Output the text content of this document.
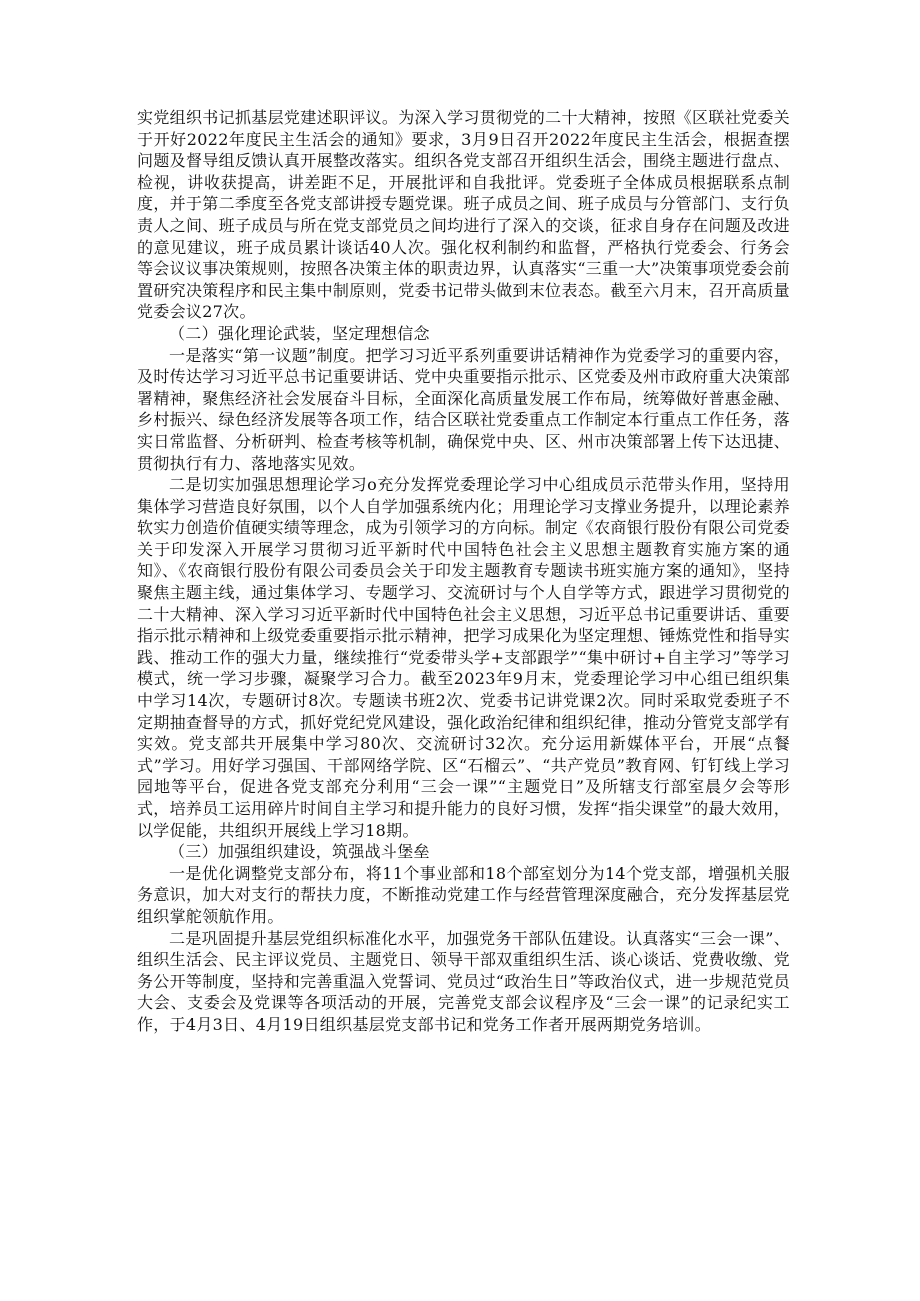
实党组织书记抓基层党建述职评议。为深入学习贯彻党的二十大精神，按照《区联社党委关于开好2022年度民主生活会的通知》要求，3月9日召开2022年度民主生活会，根据查摆问题及督导组反馈认真开展整改落实。组织各党支部召开组织生活会，围绕主题进行盘点、检视，讲收获提高，讲差距不足，开展批评和自我批评。党委班子全体成员根据联系点制度，并于第二季度至各党支部讲授专题党课。班子成员之间、班子成员与分管部门、支行负责人之间、班子成员与所在党支部党员之间均进行了深入的交谈，征求自身存在问题及改进的意见建议，班子成员累计谈话40人次。强化权利制约和监督，严格执行党委会、行务会等会议议事决策规则，按照各决策主体的职责边界，认真落实“三重一大”决策事项党委会前置研究决策程序和民主集中制原则，党委书记带头做到末位表态。截至六月末，召开高质量党委会议27次。

（二）强化理论武装，坚定理想信念

一是落实“第一议题”制度。把学习习近平系列重要讲话精神作为党委学习的重要内容，及时传达学习习近平总书记重要讲话、党中央重要指示批示、区党委及州市政府重大决策部署精神，聚焦经济社会发展奋斗目标，全面深化高质量发展工作布局，统筹做好普惠金融、乡村振兴、绿色经济发展等各项工作，结合区联社党委重点工作制定本行重点工作任务，落实日常监督、分析研判、检查考核等机制，确保党中央、区、州市决策部署上传下达迅捷、贯彻执行有力、落地落实见效。

二是切实加强思想理论学习o充分发挥党委理论学习中心组成员示范带头作用，坚持用集体学习营造良好氛围，以个人自学加强系统内化；用理论学习支撑业务提升，以理论素养软实力创造价值硬实绩等理念，成为引领学习的方向标。制定《农商银行股份有限公司党委关于印发深入开展学习贯彻习近平新时代中国特色社会主义思想主题教育实施方案的通知》、《农商银行股份有限公司委员会关于印发主题教育专题读书班实施方案的通知》，坚持聚焦主题主线，通过集体学习、专题学习、交流研讨与个人自学等方式，跟进学习贯彻党的二十大精神、深入学习习近平新时代中国特色社会主义思想，习近平总书记重要讲话、重要指示批示精神和上级党委重要指示批示精神，把学习成果化为坚定理想、锤炼党性和指导实践、推动工作的强大力量，继续推行“党委带头学+支部跟学”“集中研讨+自主学习”等学习模式，统一学习步骤，凝聚学习合力。截至2023年9月末，党委理论学习中心组已组织集中学习14次，专题研讨8次。专题读书班2次、党委书记讲党课2次。同时采取党委班子不定期抽查督导的方式，抓好党纪党风建设，强化政治纪律和组织纪律，推动分管党支部学有实效。党支部共开展集中学习80次、交流研讨32次。充分运用新媒体平台，开展“点餐式”学习。用好学习强国、干部网络学院、区“石榴云”、“共产党员”教育网、钉钉线上学习园地等平台，促进各党支部充分利用“三会一课”“主题党日”及所辖支行部室晨夕会等形式，培养员工运用碎片时间自主学习和提升能力的良好习惯，发挥“指尖课堂”的最大效用，以学促能，共组织开展线上学习18期。

（三）加强组织建设，筑强战斗堡垒

一是优化调整党支部分布，将11个事业部和18个部室划分为14个党支部，增强机关服务意识，加大对支行的帮扶力度，不断推动党建工作与经营管理深度融合，充分发挥基层党组织掌舵领航作用。

二是巩固提升基层党组织标准化水平，加强党务干部队伍建设。认真落实“三会一课”、组织生活会、民主评议党员、主题党日、领导干部双重组织生活、谈心谈话、党费收缴、党务公开等制度，坚持和完善重温入党誓词、党员过“政治生日”等政治仪式，进一步规范党员大会、支委会及党课等各项活动的开展，完善党支部会议程序及“三会一课”的记录纪实工作，于4月3日、4月19日组织基层党支部书记和党务工作者开展两期党务培训。
